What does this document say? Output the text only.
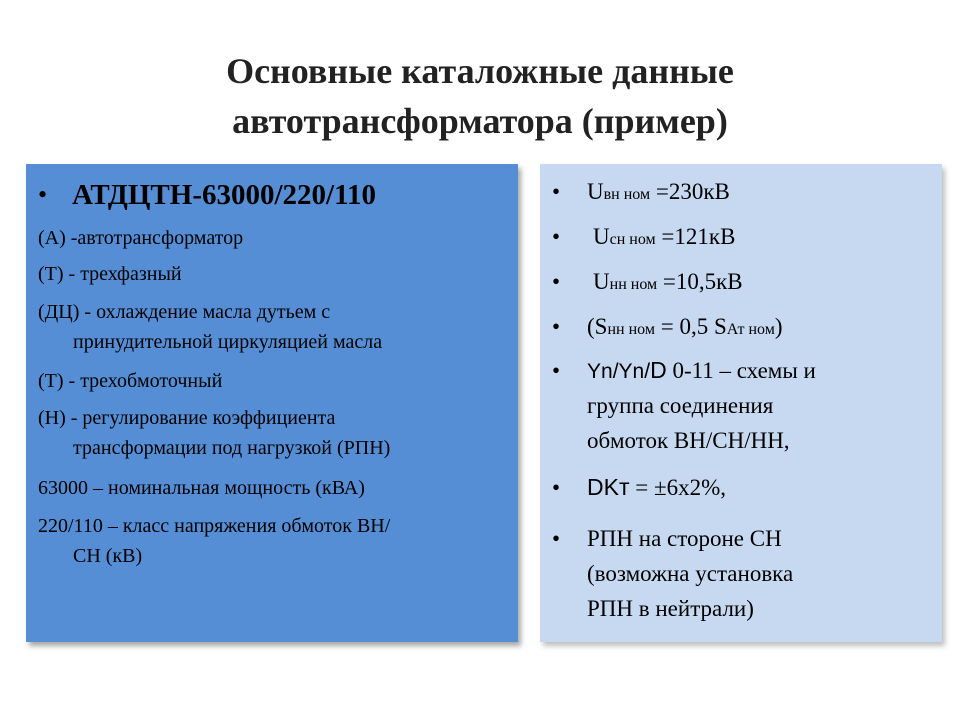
Основные каталожные данные
автотрансформатора (пример)
• АТДЦТН-63000/220/110
(А) -автотрансформатор
(Т) - трехфазный
(ДЦ) - охлаждение масла дутьем с
принудительной циркуляцией масла
(Т) - трехобмоточный
(Н) - регулирование коэффициента
трансформации под нагрузкой (РПН)
63000 – номинальная мощность (кВА)
220/110 – класс напряжения обмоток ВН/
СН (кВ)
• Uвн ном =230кВ
• Uсн ном =121кВ
• Uнн ном =10,5кВ
• (Sнн ном = 0,5 SАт ном)
• Yn/Yn/D 0-11 – схемы и
группа соединения
обмоток ВН/СН/НН,
• DKт = ±6х2%,
• РПН на стороне СН
(возможна установка
РПН в нейтрали)
